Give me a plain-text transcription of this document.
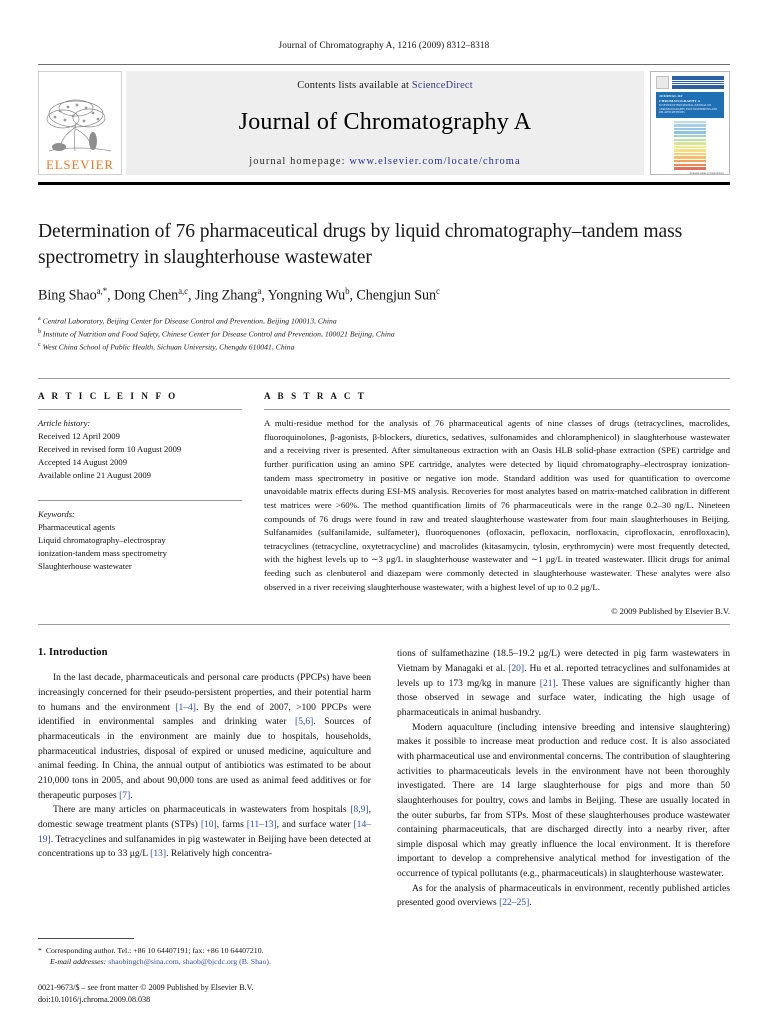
Journal of Chromatography A, 1216 (2009) 8312–8318
ELSEVIER
Contents lists available at ScienceDirect
Journal of Chromatography A
journal homepage: www.elsevier.com/locate/chroma
JOURNAL OF CHROMATOGRAPHY A
ELSEVIER INTERNATIONAL JOURNAL ON CHROMATOGRAPHY, ELECTROPHORESIS AND RELATED METHODS
Available online at ScienceDirect
Determination of 76 pharmaceutical drugs by liquid chromatography–tandem mass spectrometry in slaughterhouse wastewater
Bing Shao$^{a,*}$, Dong Chen$^{a,c}$, Jing Zhang$^a$, Yongning Wu$^b$, Chengjun Sun$^c$
$^a$ Central Laboratory, Beijing Center for Disease Control and Prevention, Beijing 100013, China
$^b$ Institute of Nutrition and Food Safety, Chinese Center for Disease Control and Prevention, 100021 Beijing, China
$^c$ West China School of Public Health, Sichuan University, Chengdu 610041, China
A R T I C L E I N F O
Article history:
Received 12 April 2009
Received in revised form 10 August 2009
Accepted 14 August 2009
Available online 21 August 2009
Keywords:
Pharmaceutical agents
Liquid chromatography–electrospray
ionization-tandem mass spectrometry
Slaughterhouse wastewater
A B S T R A C T
A multi-residue method for the analysis of 76 pharmaceutical agents of nine classes of drugs (tetracyclines, macrolides, fluoroquinolones, β-agonists, β-blockers, diuretics, sedatives, sulfonamides and chloramphenicol) in slaughterhouse wastewater and a receiving river is presented. After simultaneous extraction with an Oasis HLB solid-phase extraction (SPE) cartridge and further purification using an amino SPE cartridge, analytes were detected by liquid chromatography–electrospray ionization-tandem mass spectrometry in positive or negative ion mode. Standard addition was used for quantification to overcome unavoidable matrix effects during ESI-MS analysis. Recoveries for most analytes based on matrix-matched calibration in different test matrices were >60%. The method quantification limits of 76 pharmaceuticals were in the range 0.2–30 ng/L. Nineteen compounds of 76 drugs were found in raw and treated slaughterhouse wastewater from four main slaughterhouses in Beijing. Sulfanamides (sulfanilamide, sulfameter), fluoroquenones (ofloxacin, pefloxacin, norfloxacin, ciprofloxacin, enrofloxacin), tetracyclines (tetracycline, oxytetracycline) and macrolides (kitasamycin, tylosin, erythromycin) were most frequently detected, with the highest levels up to ∼3 μg/L in slaughterhouse wastewater and ∼1 μg/L in treated wastewater. Illicit drugs for animal feeding such as clenbuterol and diazepam were commonly detected in slaughterhouse wastewater. These analytes were also observed in a river receiving slaughterhouse wastewater, with a highest level of up to 0.2 μg/L.
© 2009 Published by Elsevier B.V.
1. Introduction

In the last decade, pharmaceuticals and personal care products (PPCPs) have been increasingly concerned for their pseudo-persistent properties, and their potential harm to humans and the environment [1–4]. By the end of 2007, >100 PPCPs were identified in environmental samples and drinking water [5,6]. Sources of pharmaceuticals in the environment are mainly due to hospitals, households, pharmaceutical industries, disposal of expired or unused medicine, aquiculture and animal feeding. In China, the annual output of antibiotics was estimated to be about 210,000 tons in 2005, and about 90,000 tons are used as animal feed additives or for therapeutic purposes [7].

There are many articles on pharmaceuticals in wastewaters from hospitals [8,9], domestic sewage treatment plants (STPs) [10], farms [11–13], and surface water [14–19]. Tetracyclines and sulfanamides in pig wastewater in Beijing have been detected at concentrations up to 33 μg/L [13]. Relatively high concentra-

tions of sulfamethazine (18.5–19.2 μg/L) were detected in pig farm wastewaters in Vietnam by Managaki et al. [20]. Hu et al. reported tetracyclines and sulfonamides at levels up to 173 mg/kg in manure [21]. These values are significantly higher than those observed in sewage and surface water, indicating the high usage of pharmaceuticals in animal husbandry.

Modern aquaculture (including intensive breeding and intensive slaughtering) makes it possible to increase meat production and reduce cost. It is also associated with pharmaceutical use and environmental concerns. The contribution of slaughtering activities to pharmaceuticals levels in the environment have not been thoroughly investigated. There are 14 large slaughterhouse for pigs and more than 50 slaughterhouses for poultry, cows and lambs in Beijing. These are usually located in the outer suburbs, far from STPs. Most of these slaughterhouses produce wastewater containing pharmaceuticals, that are discharged directly into a nearby river, after simple disposal which may greatly influence the local environment. It is therefore important to develop a comprehensive analytical method for investigation of the occurrence of typical pollutants (e.g., pharmaceuticals) in slaughterhouse wastewater.

As for the analysis of pharmaceuticals in environment, recently published articles presented good overviews [22–25].

* Corresponding author. Tel.: +86 10 64407191; fax: +86 10 64407210.
E-mail addresses: shaobingch@sina.com, shaob@bjcdc.org (B. Shao).
0021-9673/$ – see front matter © 2009 Published by Elsevier B.V.
doi:10.1016/j.chroma.2009.08.038
